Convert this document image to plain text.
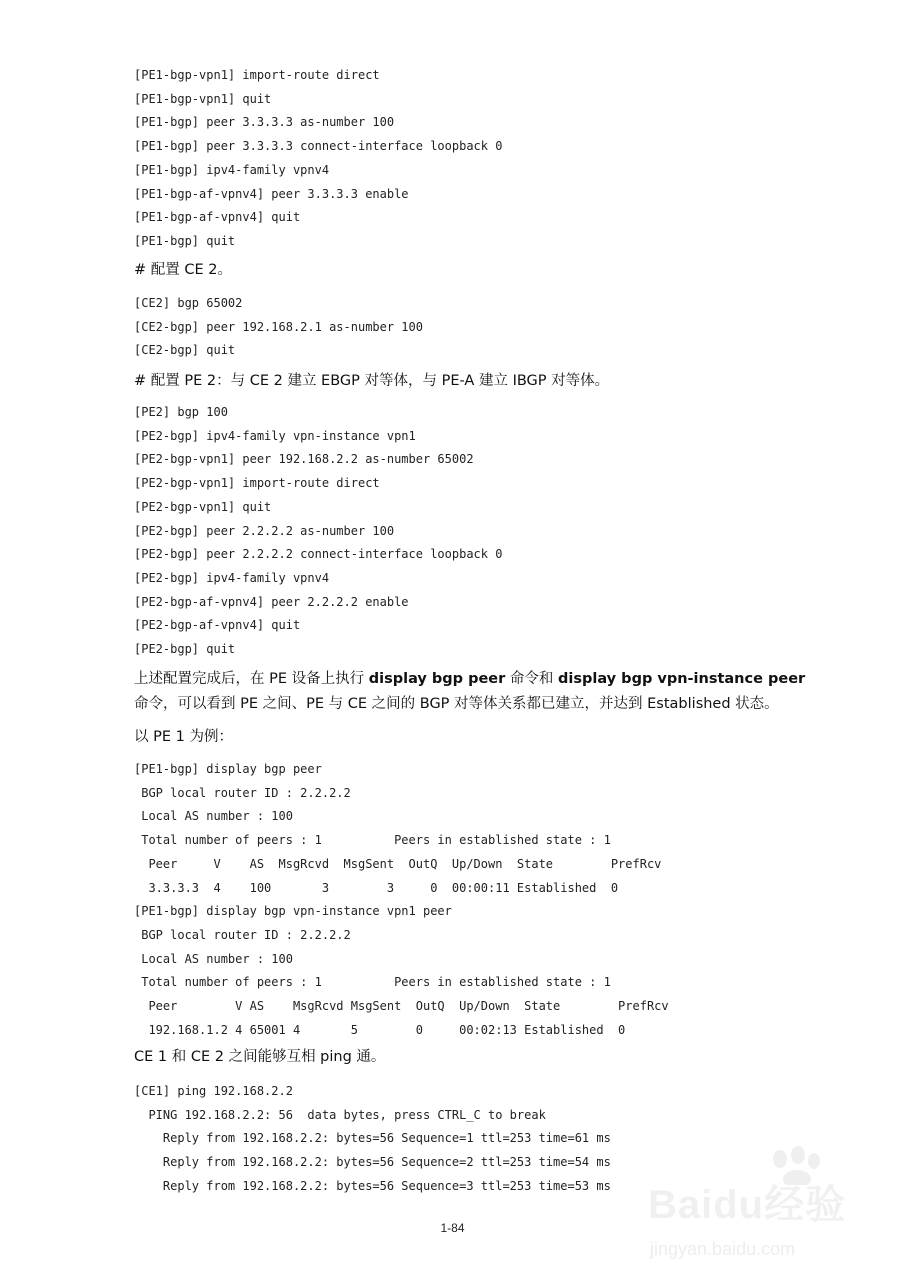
[PE1-bgp-vpn1] import-route direct
[PE1-bgp-vpn1] quit
[PE1-bgp] peer 3.3.3.3 as-number 100
[PE1-bgp] peer 3.3.3.3 connect-interface loopback 0
[PE1-bgp] ipv4-family vpnv4
[PE1-bgp-af-vpnv4] peer 3.3.3.3 enable
[PE1-bgp-af-vpnv4] quit
[PE1-bgp] quit

# 配置 CE 2。

[CE2] bgp 65002
[CE2-bgp] peer 192.168.2.1 as-number 100
[CE2-bgp] quit

# 配置 PE 2：与 CE 2 建立 EBGP 对等体，与 PE-A 建立 IBGP 对等体。

[PE2] bgp 100
[PE2-bgp] ipv4-family vpn-instance vpn1
[PE2-bgp-vpn1] peer 192.168.2.2 as-number 65002
[PE2-bgp-vpn1] import-route direct
[PE2-bgp-vpn1] quit
[PE2-bgp] peer 2.2.2.2 as-number 100
[PE2-bgp] peer 2.2.2.2 connect-interface loopback 0
[PE2-bgp] ipv4-family vpnv4
[PE2-bgp-af-vpnv4] peer 2.2.2.2 enable
[PE2-bgp-af-vpnv4] quit
[PE2-bgp] quit

上述配置完成后，在 PE 设备上执行 display bgp peer 命令和 display bgp vpn-instance peer 命令，可以看到 PE 之间、PE 与 CE 之间的 BGP 对等体关系都已建立，并达到 Established 状态。

以 PE 1 为例：

[PE1-bgp] display bgp peer
BGP local router ID : 2.2.2.2
Local AS number : 100
Total number of peers : 1          Peers in established state : 1
Peer     V    AS  MsgRcvd  MsgSent  OutQ  Up/Down  State        PrefRcv
3.3.3.3  4    100       3        3     0  00:00:11 Established  0
[PE1-bgp] display bgp vpn-instance vpn1 peer
BGP local router ID : 2.2.2.2
Local AS number : 100
Total number of peers : 1          Peers in established state : 1
Peer        V AS    MsgRcvd MsgSent  OutQ  Up/Down  State        PrefRcv
192.168.1.2 4 65001 4       5        0     00:02:13 Established  0

CE 1 和 CE 2 之间能够互相 ping 通。

[CE1] ping 192.168.2.2
PING 192.168.2.2: 56  data bytes, press CTRL_C to break
Reply from 192.168.2.2: bytes=56 Sequence=1 ttl=253 time=61 ms
Reply from 192.168.2.2: bytes=56 Sequence=2 ttl=253 time=54 ms
Reply from 192.168.2.2: bytes=56 Sequence=3 ttl=253 time=53 ms Baidu经验
jingyan.baidu.com
1-84
